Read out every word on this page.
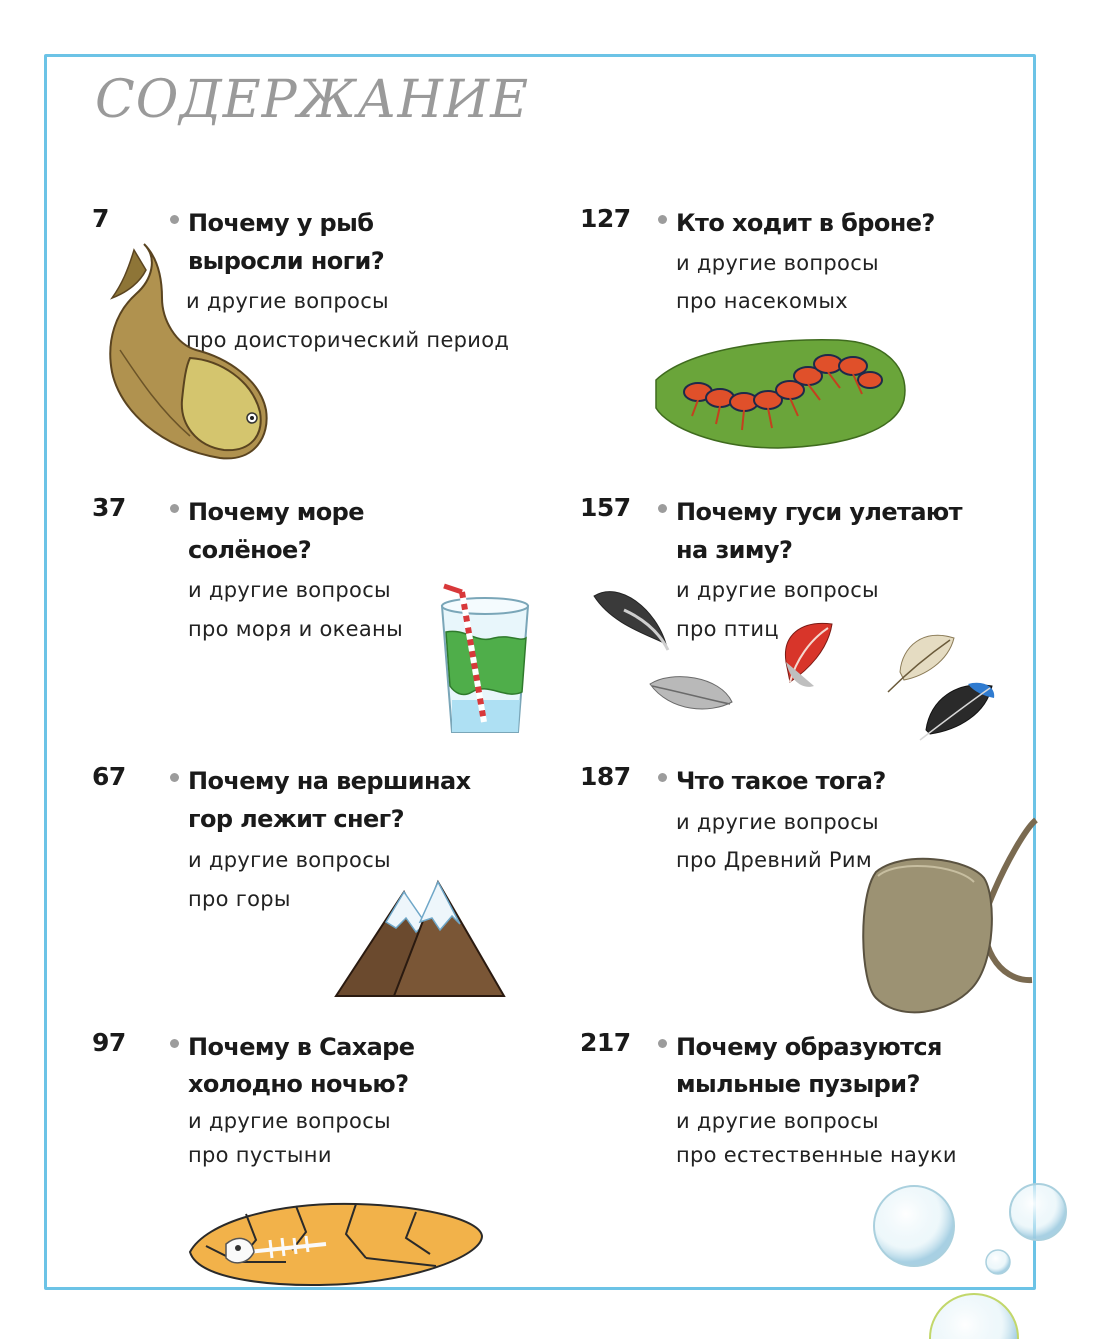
СОДЕРЖАНИЕ
7	Почему у рыб
выросли ноги?
и другие вопросы
про доисторический период
37	Почему море
солёное?
и другие вопросы
про моря и океаны
67	Почему на вершинах
гор лежит снег?
и другие вопросы
про горы
97	Почему в Сахаре
холодно ночью?
и другие вопросы
про пустыни
127 Кто ходит в броне?
и другие вопросы
про насекомых
157 Почему гуси улетают
на зиму?
и другие вопросы
про птиц
187 Что такое тога?
и другие вопросы
про Древний Рим
217 Почему образуются
мыльные пузыри?
и другие вопросы
про естественные науки
